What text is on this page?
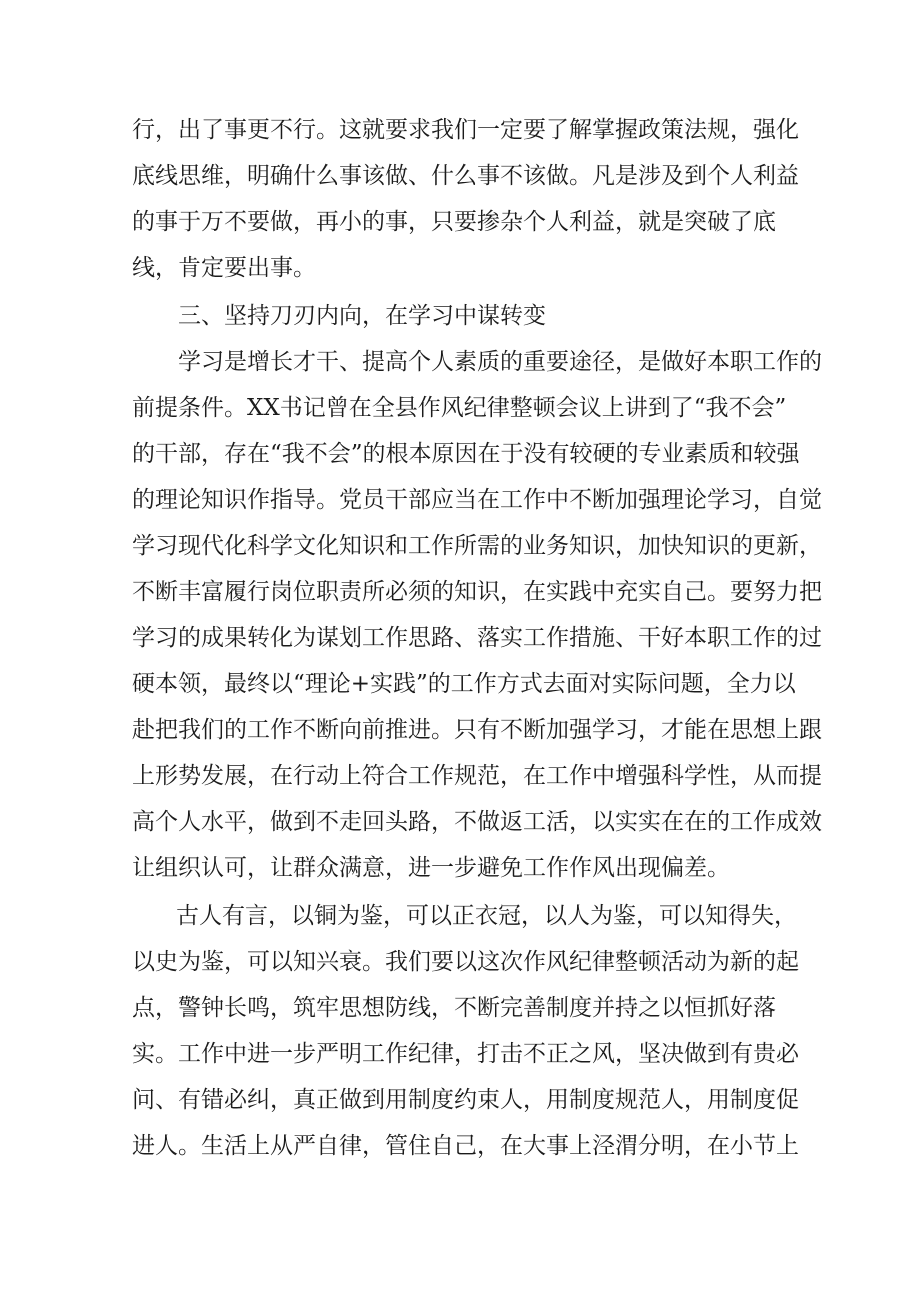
行，出了事更不行。这就要求我们一定要了解掌握政策法规，强化
底线思维，明确什么事该做、什么事不该做。凡是涉及到个人利益
的事于万不要做，再小的事，只要掺杂个人利益，就是突破了底
线，肯定要出事。
三、坚持刀刃内向，在学习中谋转变
学习是增长才干、提高个人素质的重要途径，是做好本职工作的
前提条件。XX书记曾在全县作风纪律整顿会议上讲到了“我不会”
的干部，存在“我不会”的根本原因在于没有较硬的专业素质和较强
的理论知识作指导。党员干部应当在工作中不断加强理论学习，自觉
学习现代化科学文化知识和工作所需的业务知识，加快知识的更新，
不断丰富履行岗位职责所必须的知识，在实践中充实自己。要努力把
学习的成果转化为谋划工作思路、落实工作措施、干好本职工作的过
硬本领，最终以“理论+实践”的工作方式去面对实际问题，全力以
赴把我们的工作不断向前推进。只有不断加强学习，才能在思想上跟
上形势发展，在行动上符合工作规范，在工作中增强科学性，从而提
高个人水平，做到不走回头路，不做返工活，以实实在在的工作成效
让组织认可，让群众满意，进一步避免工作作风出现偏差。
古人有言，以铜为鉴，可以正衣冠，以人为鉴，可以知得失，
以史为鉴，可以知兴衰。我们要以这次作风纪律整顿活动为新的起
点，警钟长鸣，筑牢思想防线，不断完善制度并持之以恒抓好落
实。工作中进一步严明工作纪律，打击不正之风，坚决做到有贵必
问、有错必纠，真正做到用制度约束人，用制度规范人，用制度促
进人。生活上从严自律，管住自己，在大事上泾渭分明，在小节上
